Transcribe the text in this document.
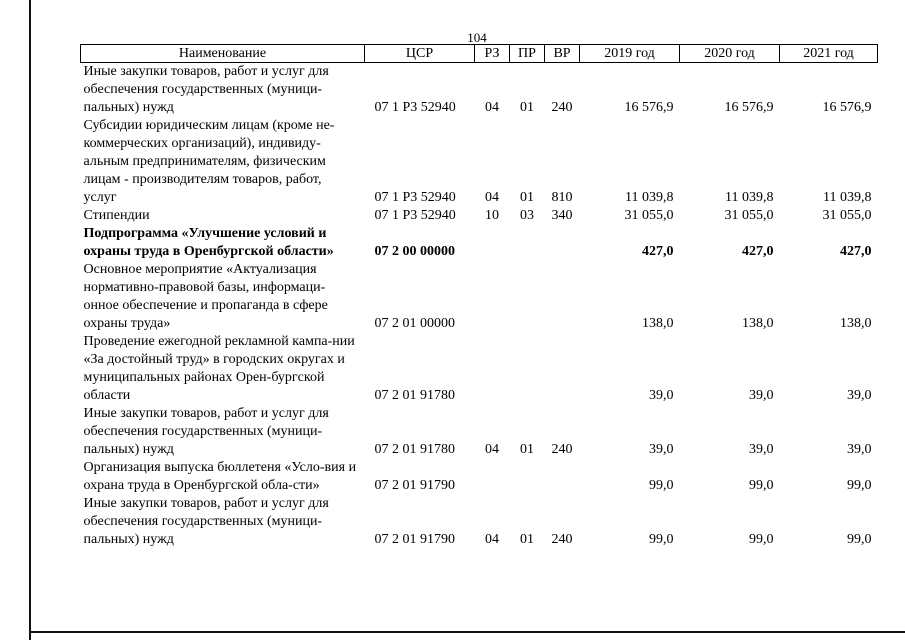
104
Наименование	ЦСР	РЗ	ПР	ВР	2019 год	2020 год	2021 год
Иные закупки товаров, работ и услуг для обеспечения государственных (муници-пальных) нужд	07 1 Р3 52940	04	01	240	16 576,9	16 576,9	16 576,9
Субсидии юридическим лицам (кроме не-коммерческих организаций), индивиду-альным предпринимателям, физическим лицам - производителям товаров, работ, услуг	07 1 Р3 52940	04	01	810	11 039,8	11 039,8	11 039,8
Стипендии	07 1 Р3 52940	10	03	340	31 055,0	31 055,0	31 055,0
Подпрограмма «Улучшение условий и охраны труда в Оренбургской области»	07 2 00 00000				427,0	427,0	427,0
Основное мероприятие «Актуализация нормативно-правовой базы, информаци-онное обеспечение и пропаганда в сфере охраны труда»	07 2 01 00000				138,0	138,0	138,0
Проведение ежегодной рекламной кампа-нии «За достойный труд» в городских округах и муниципальных районах Орен-бургской области	07 2 01 91780				39,0	39,0	39,0
Иные закупки товаров, работ и услуг для обеспечения государственных (муници-пальных) нужд	07 2 01 91780	04	01	240	39,0	39,0	39,0
Организация выпуска бюллетеня «Усло-вия и охрана труда в Оренбургской обла-сти»	07 2 01 91790				99,0	99,0	99,0
Иные закупки товаров, работ и услуг для обеспечения государственных (муници-пальных) нужд	07 2 01 91790	04	01	240	99,0	99,0	99,0
